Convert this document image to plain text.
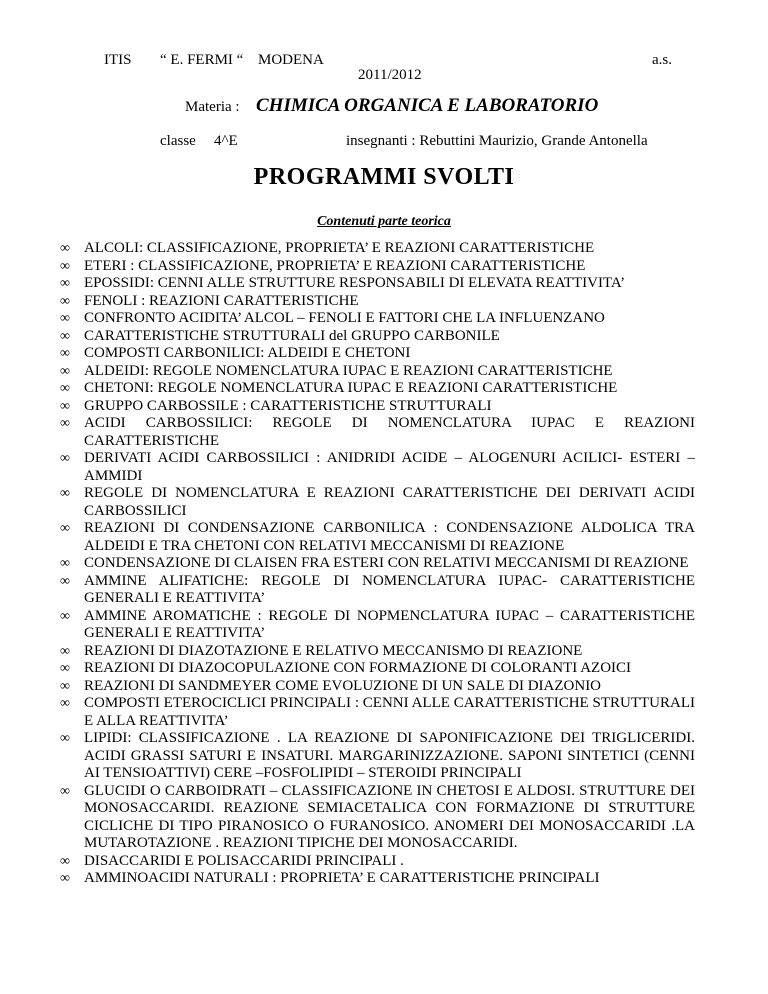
ITIS “ E. FERMI “ MODENA	a.s.
2011/2012
Materia : CHIMICA ORGANICA E LABORATORIO
classe 4^E	insegnanti : Rebuttini Maurizio, Grande Antonella
PROGRAMMI SVOLTI
Contenuti parte teorica
∞ ALCOLI: CLASSIFICAZIONE, PROPRIETA’ E REAZIONI CARATTERISTICHE
∞ ETERI : CLASSIFICAZIONE, PROPRIETA’ E REAZIONI CARATTERISTICHE
∞ EPOSSIDI: CENNI ALLE STRUTTURE RESPONSABILI DI ELEVATA REATTIVITA’
∞ FENOLI : REAZIONI CARATTERISTICHE
∞ CONFRONTO ACIDITA’ ALCOL – FENOLI E FATTORI CHE LA INFLUENZANO
∞ CARATTERISTICHE STRUTTURALI del GRUPPO CARBONILE
∞ COMPOSTI CARBONILICI: ALDEIDI E CHETONI
∞ ALDEIDI: REGOLE NOMENCLATURA IUPAC E REAZIONI CARATTERISTICHE
∞ CHETONI: REGOLE NOMENCLATURA IUPAC E REAZIONI CARATTERISTICHE
∞ GRUPPO CARBOSSILE : CARATTERISTICHE STRUTTURALI
∞ ACIDI CARBOSSILICI: REGOLE DI NOMENCLATURA IUPAC E REAZIONI CARATTERISTICHE
∞ DERIVATI ACIDI CARBOSSILICI : ANIDRIDI ACIDE – ALOGENURI ACILICI- ESTERI – AMMIDI
∞ REGOLE DI NOMENCLATURA E REAZIONI CARATTERISTICHE DEI DERIVATI ACIDI CARBOSSILICI
∞ REAZIONI DI CONDENSAZIONE CARBONILICA : CONDENSAZIONE ALDOLICA TRA ALDEIDI E TRA CHETONI CON RELATIVI MECCANISMI DI REAZIONE
∞ CONDENSAZIONE DI CLAISEN FRA ESTERI CON RELATIVI MECCANISMI DI REAZIONE
∞ AMMINE ALIFATICHE: REGOLE DI NOMENCLATURA IUPAC- CARATTERISTICHE GENERALI E REATTIVITA’
∞ AMMINE AROMATICHE : REGOLE DI NOPMENCLATURA IUPAC – CARATTERISTICHE GENERALI E REATTIVITA’
∞ REAZIONI DI DIAZOTAZIONE E RELATIVO MECCANISMO DI REAZIONE
∞ REAZIONI DI DIAZOCOPULAZIONE CON FORMAZIONE DI COLORANTI AZOICI
∞ REAZIONI DI SANDMEYER COME EVOLUZIONE DI UN SALE DI DIAZONIO
∞ COMPOSTI ETEROCICLICI PRINCIPALI : CENNI ALLE CARATTERISTICHE STRUTTURALI E ALLA REATTIVITA’
∞ LIPIDI: CLASSIFICAZIONE . LA REAZIONE DI SAPONIFICAZIONE DEI TRIGLICERIDI. ACIDI GRASSI SATURI E INSATURI. MARGARINIZZAZIONE. SAPONI SINTETICI (CENNI AI TENSIOATTIVI) CERE –FOSFOLIPIDI – STEROIDI PRINCIPALI
∞ GLUCIDI O CARBOIDRATI – CLASSIFICAZIONE IN CHETOSI E ALDOSI. STRUTTURE DEI MONOSACCARIDI. REAZIONE SEMIACETALICA CON FORMAZIONE DI STRUTTURE CICLICHE DI TIPO PIRANOSICO O FURANOSICO. ANOMERI DEI MONOSACCARIDI .LA MUTAROTAZIONE . REAZIONI TIPICHE DEI MONOSACCARIDI.
∞ DISACCARIDI E POLISACCARIDI PRINCIPALI .
∞ AMMINOACIDI NATURALI : PROPRIETA’ E CARATTERISTICHE PRINCIPALI
